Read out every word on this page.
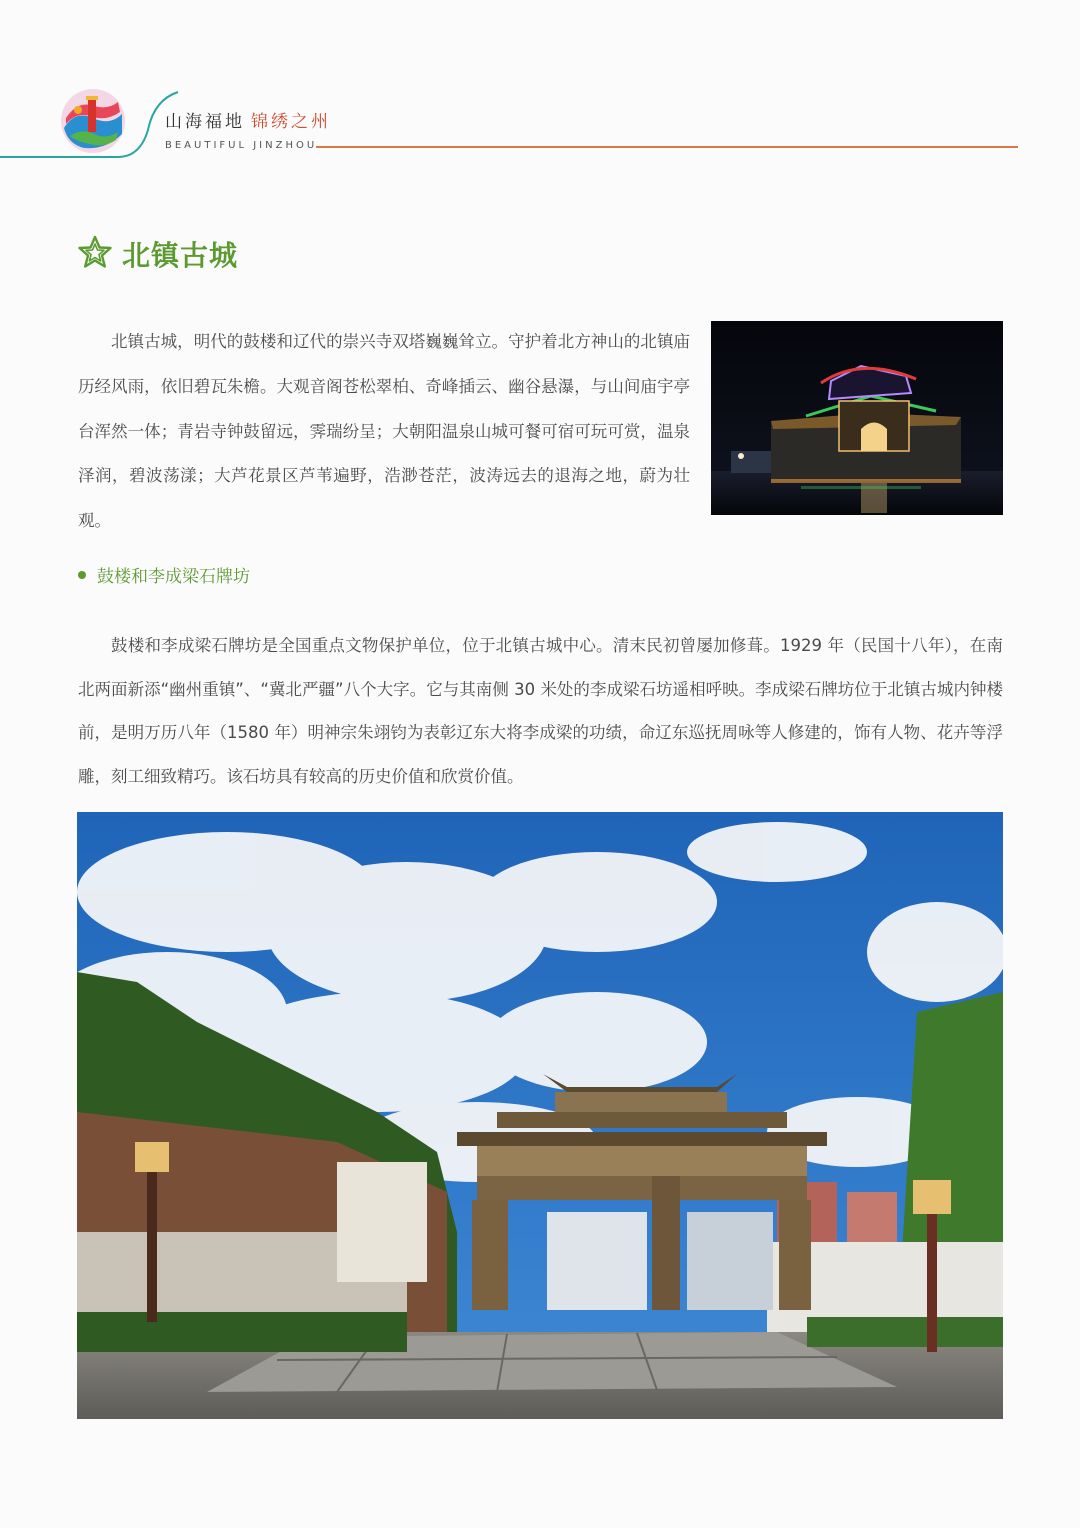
山海福地 锦绣之州
BEAUTIFUL JINZHOU
北镇古城
北镇古城，明代的鼓楼和辽代的崇兴寺双塔巍巍耸立。守护着北方神山的北镇庙历经风雨，依旧碧瓦朱檐。大观音阁苍松翠柏、奇峰插云、幽谷悬瀑，与山间庙宇亭台浑然一体；青岩寺钟鼓留远，霁瑞纷呈；大朝阳温泉山城可餐可宿可玩可赏，温泉泽润，碧波荡漾；大芦花景区芦苇遍野，浩渺苍茫，波涛远去的退海之地，蔚为壮观。
鼓楼和李成梁石牌坊
鼓楼和李成梁石牌坊是全国重点文物保护单位，位于北镇古城中心。清末民初曾屡加修葺。1929 年（民国十八年），在南北两面新添“幽州重镇”、“冀北严疆”八个大字。它与其南侧 30 米处的李成梁石坊遥相呼映。李成梁石牌坊位于北镇古城内钟楼前，是明万历八年（1580 年）明神宗朱翊钧为表彰辽东大将李成梁的功绩，命辽东巡抚周咏等人修建的，饰有人物、花卉等浮雕，刻工细致精巧。该石坊具有较高的历史价值和欣赏价值。
